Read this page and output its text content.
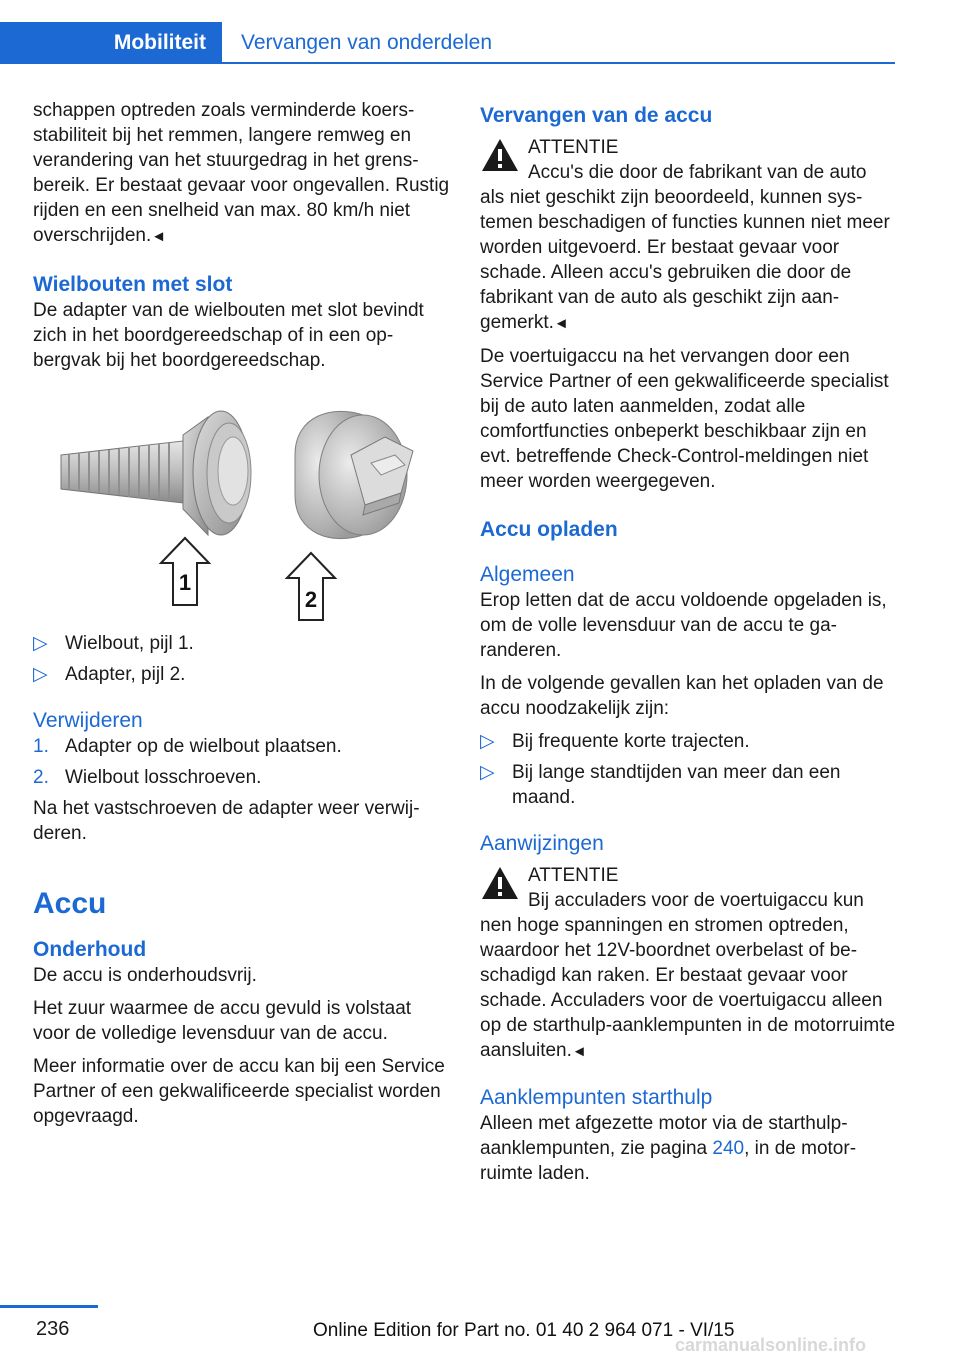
Mobiliteit	Vervangen van onderdelen

schappen optreden zoals verminderde koersstabiliteit bij het remmen, langere remweg en verandering van het stuurgedrag in het grensbereik. Er bestaat gevaar voor ongevallen. Rustig rijden en een snelheid van max. 80 km/h niet overschrijden.◄

Wielbouten met slot

De adapter van de wielbouten met slot bevindt zich in het boordgereedschap of in een opbergvak bij het boordgereedschap.

1
2
▷ Wielbout, pijl 1.
▷ Adapter, pijl 2.
Verwijderen
1. Adapter op de wielbout plaatsen.
2. Wielbout losschroeven.

Na het vastschroeven de adapter weer verwijderen.

Accu
Onderhoud

De accu is onderhoudsvrij.

Het zuur waarmee de accu gevuld is volstaat voor de volledige levensduur van de accu.

Meer informatie over de accu kan bij een Service Partner of een gekwalificeerde specialist worden opgevraagd.

Vervangen van de accu
ATTENTIE
Accu's die door de fabrikant van de auto

als niet geschikt zijn beoordeeld, kunnen systemen beschadigen of functies kunnen niet meer worden uitgevoerd. Er bestaat gevaar voor schade. Alleen accu's gebruiken die door de fabrikant van de auto als geschikt zijn aangemerkt.◄

De voertuigaccu na het vervangen door een Service Partner of een gekwalificeerde specialist bij de auto laten aanmelden, zodat alle comfortfuncties onbeperkt beschikbaar zijn en evt. betreffende Check-Control-meldingen niet meer worden weergegeven.

Accu opladen
Algemeen

Erop letten dat de accu voldoende opgeladen is, om de volle levensduur van de accu te garanderen.

In de volgende gevallen kan het opladen van de accu noodzakelijk zijn:

▷ Bij frequente korte trajecten.
▷ Bij lange standtijden van meer dan een maand.
Aanwijzingen
ATTENTIE
Bij acculaders voor de voertuigaccu kun

nen hoge spanningen en stromen optreden, waardoor het 12V-boordnet overbelast of beschadigd kan raken. Er bestaat gevaar voor schade. Acculaders voor de voertuigaccu alleen op de starthulp-aanklempunten in de motorruimte aansluiten.◄

Aanklempunten starthulp

Alleen met afgezette motor via de starthulpaanklempunten, zie pagina 240, in de motorruimte laden.

236	Online Edition for Part no. 01 40 2 964 071 - VI/15
carmanualsonline.info
